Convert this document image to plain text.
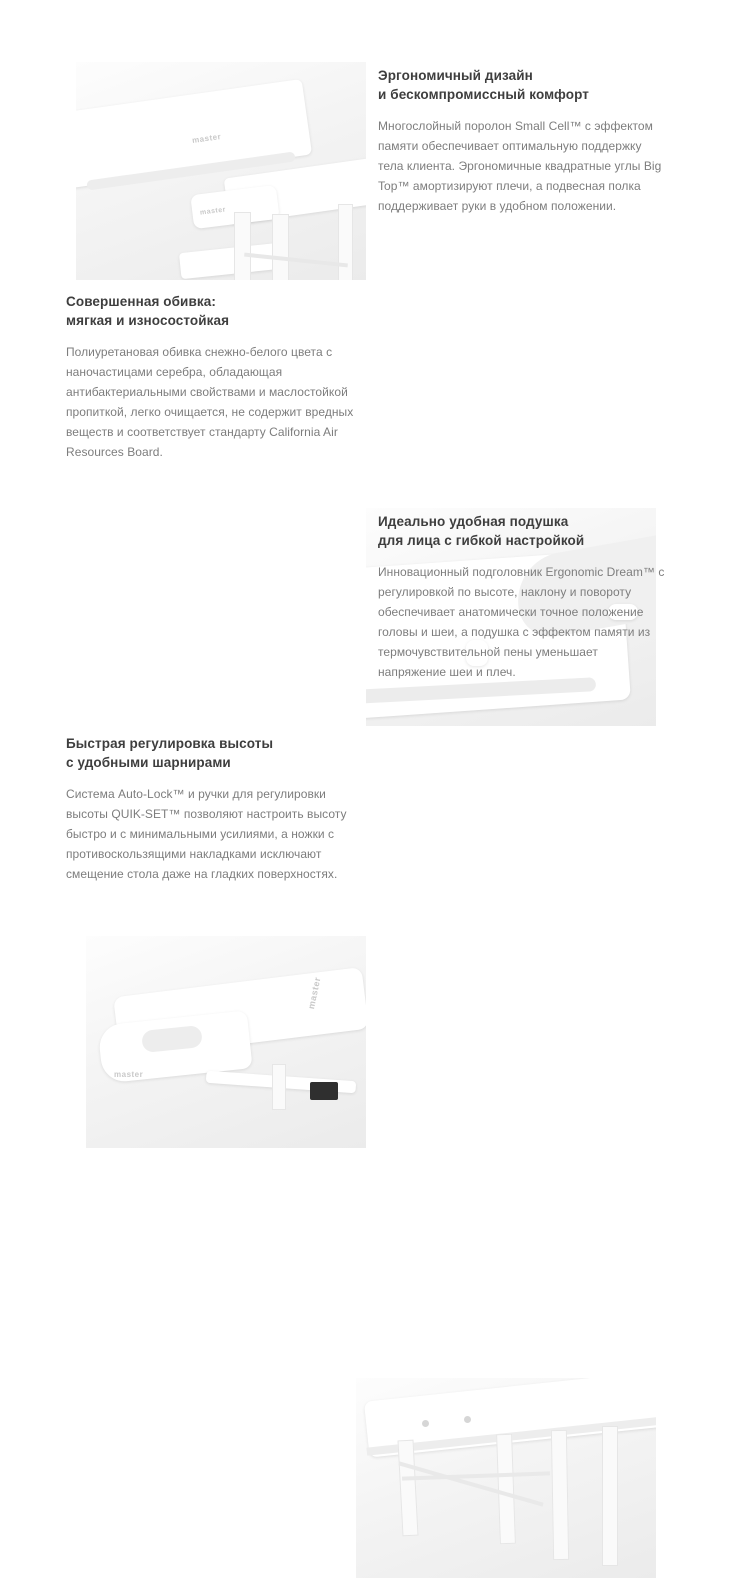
master
master
Эргономичный дизайн
и бескомпромиссный комфорт

Многослойный поролон Small Cell™ с эффектом памяти обеспечивает оптимальную поддержку тела клиента. Эргономичные квадратные углы Big Top™ амортизируют плечи, а подвесная полка поддерживает руки в удобном положении.

Совершенная обивка:
мягкая и износостойкая

Полиуретановая обивка снежно-белого цвета с наночастицами серебра, обладающая антибактериальными свойствами и маслостойкой пропиткой, легко очищается, не содержит вредных веществ и соответствует стандарту California Air Resources Board.

master
master
Идеально удобная подушка
для лица с гибкой настройкой

Инновационный подголовник Ergonomic Dream™ с регулировкой по высоте, наклону и повороту обеспечивает анатомически точное положение головы и шеи, а подушка с эффектом памяти из термочувствительной пены уменьшает напряжение шеи и плеч.

Быстрая регулировка высоты
с удобными шарнирами

Система Auto-Lock™ и ручки для регулировки высоты QUIK-SET™ позволяют настроить высоту быстро и с минимальными усилиями, а ножки с противоскользящими накладками исключают смещение стола даже на гладких поверхностях.
